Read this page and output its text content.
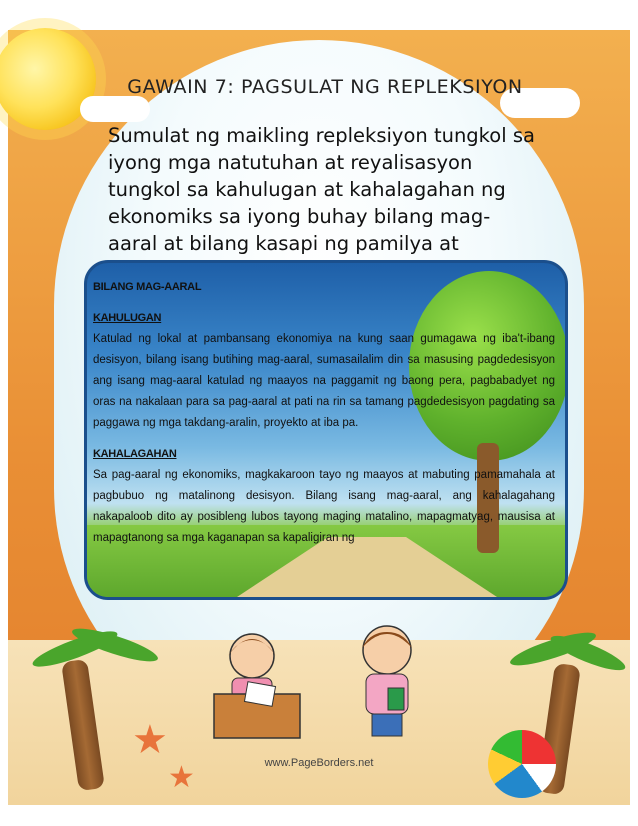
GAWAIN 7: PAGSULAT NG REPLEKSIYON
Sumulat ng maikling repleksiyon tungkol sa iyong mga natutuhan at reyalisasyon tungkol sa kahulugan at kahalagahan ng ekonomiks sa iyong buhay bilang mag-aaral at bilang kasapi ng pamilya at
BILANG MAG-AARAL
KAHULUGAN
Katulad ng lokal at pambansang ekonomiya na kung saan gumagawa ng iba't-ibang desisyon, bilang isang butihing mag-aaral, sumasailalim din sa masusing pagdedesisyon ang isang mag-aaral katulad ng maayos na paggamit ng baong pera, pagbabadyet ng oras na nakalaan para sa pag-aaral at pati na rin sa tamang pagdedesisyon pagdating sa paggawa ng mga takdang-aralin, proyekto at iba pa.
KAHALAGAHAN
Sa pag-aaral ng ekonomiks, magkakaroon tayo ng maayos at mabuting pamamahala at pagbubuo ng matalinong desisyon. Bilang isang mag-aaral, ang kahalagahang nakapaloob dito ay posibleng lubos tayong maging matalino, mapagmatyag, mausisa at mapagtanong sa mga kaganapan sa kapaligiran ng
★
★	www.PageBorders.net
